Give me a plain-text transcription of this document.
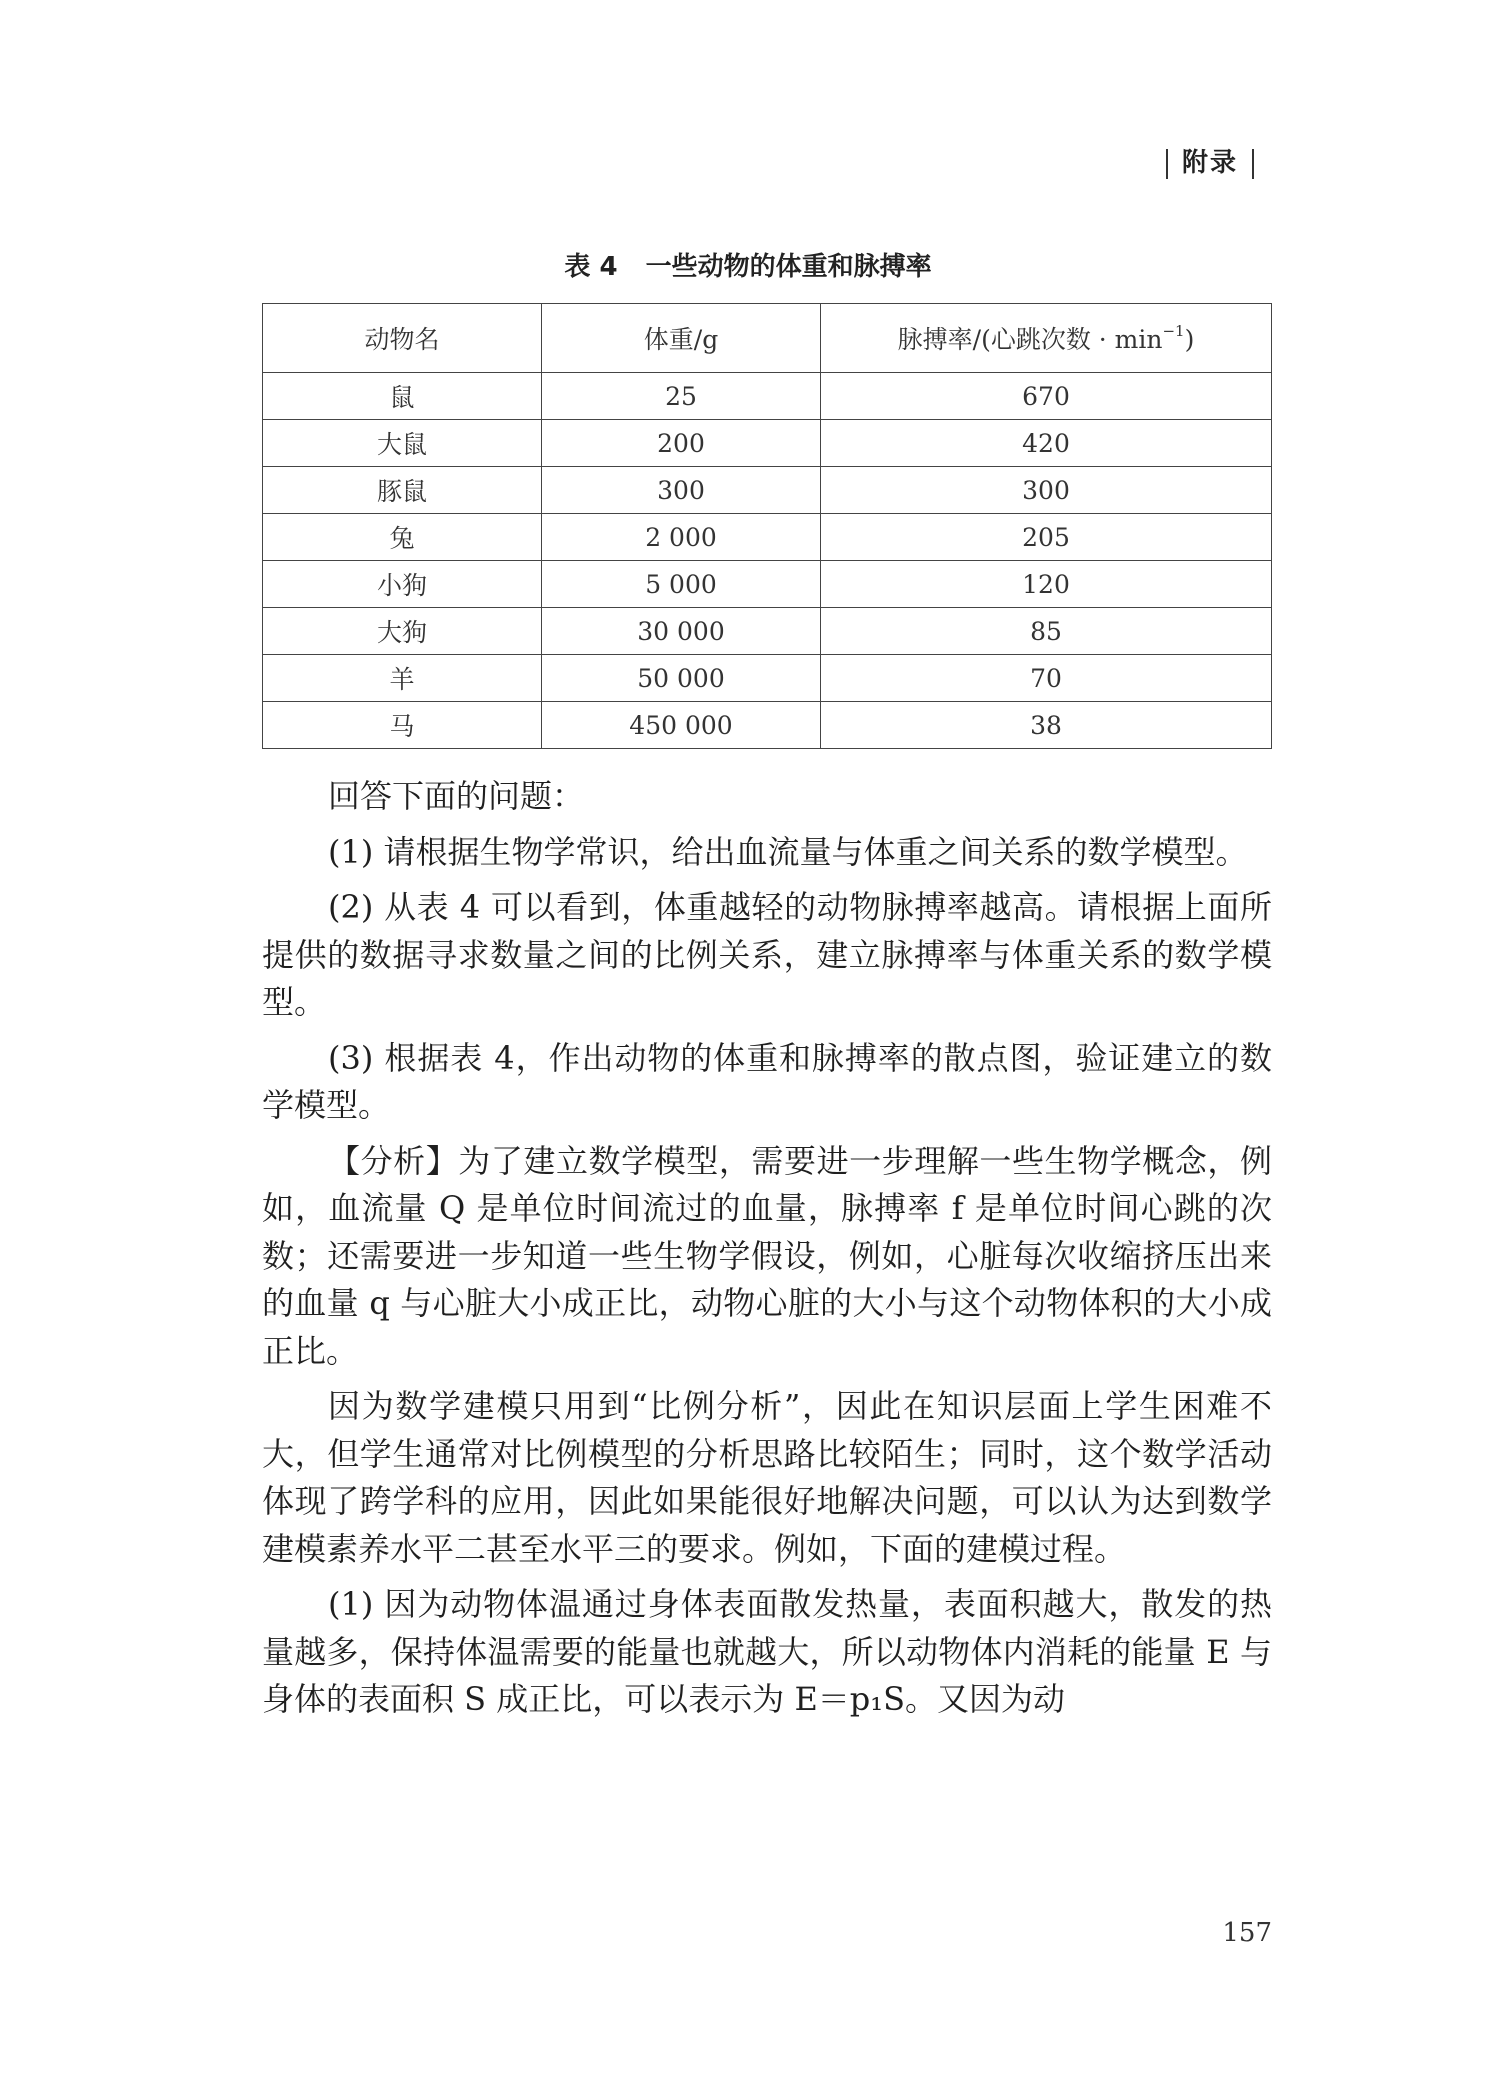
附录
表 4 一些动物的体重和脉搏率
动物名	体重/g	脉搏率/(心跳次数 · $\min^{-1}$)
鼠	25	670
大鼠	200	420
豚鼠	300	300
兔	2 000	205
小狗	5 000	120
大狗	30 000	85
羊	50 000	70
马	450 000	38

回答下面的问题：

(1) 请根据生物学常识，给出血流量与体重之间关系的数学模型。

(2) 从表 4 可以看到，体重越轻的动物脉搏率越高。请根据上面所提供的数据寻求数量之间的比例关系，建立脉搏率与体重关系的数学模型。

(3) 根据表 4，作出动物的体重和脉搏率的散点图，验证建立的数学模型。

【分析】为了建立数学模型，需要进一步理解一些生物学概念，例如，血流量 Q 是单位时间流过的血量，脉搏率 f 是单位时间心跳的次数；还需要进一步知道一些生物学假设，例如，心脏每次收缩挤压出来的血量 q 与心脏大小成正比，动物心脏的大小与这个动物体积的大小成正比。

因为数学建模只用到“比例分析”，因此在知识层面上学生困难不大，但学生通常对比例模型的分析思路比较陌生；同时，这个数学活动体现了跨学科的应用，因此如果能很好地解决问题，可以认为达到数学建模素养水平二甚至水平三的要求。例如，下面的建模过程。

(1) 因为动物体温通过身体表面散发热量，表面积越大，散发的热量越多，保持体温需要的能量也就越大，所以动物体内消耗的能量 E 与身体的表面积 S 成正比，可以表示为 E＝p₁S。又因为动

157
